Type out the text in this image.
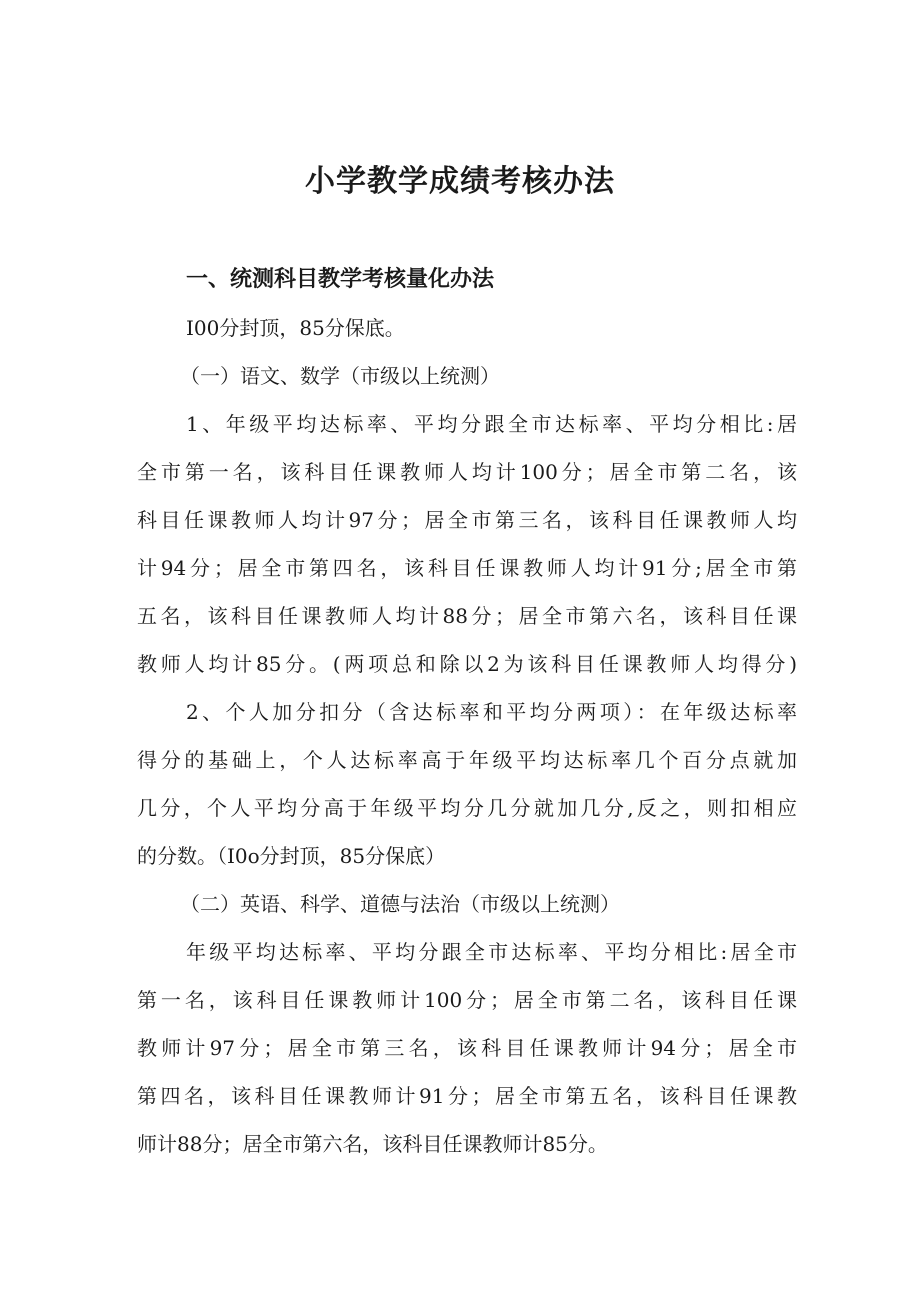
小学教学成绩考核办法
一、统测科目教学考核量化办法
I00分封顶，85分保底。
（一）语文、数学（市级以上统测）
1、年级平均达标率、平均分跟全市达标率、平均分相比:居
全市第一名，该科目任课教师人均计100分；居全市第二名，该
科目任课教师人均计97分；居全市第三名，该科目任课教师人均
计94分；居全市第四名，该科目任课教师人均计91分;居全市第
五名，该科目任课教师人均计88分；居全市第六名，该科目任课
教师人均计85分。(两项总和除以2为该科目任课教师人均得分)
2、个人加分扣分（含达标率和平均分两项）：在年级达标率
得分的基础上，个人达标率高于年级平均达标率几个百分点就加
几分，个人平均分高于年级平均分几分就加几分,反之，则扣相应
的分数。（I0o分封顶，85分保底）
（二）英语、科学、道德与法治（市级以上统测）
年级平均达标率、平均分跟全市达标率、平均分相比:居全市
第一名，该科目任课教师计100分；居全市第二名，该科目任课
教师计97分；居全市第三名，该科目任课教师计94分；居全市
第四名，该科目任课教师计91分；居全市第五名，该科目任课教
师计88分；居全市第六名，该科目任课教师计85分。
